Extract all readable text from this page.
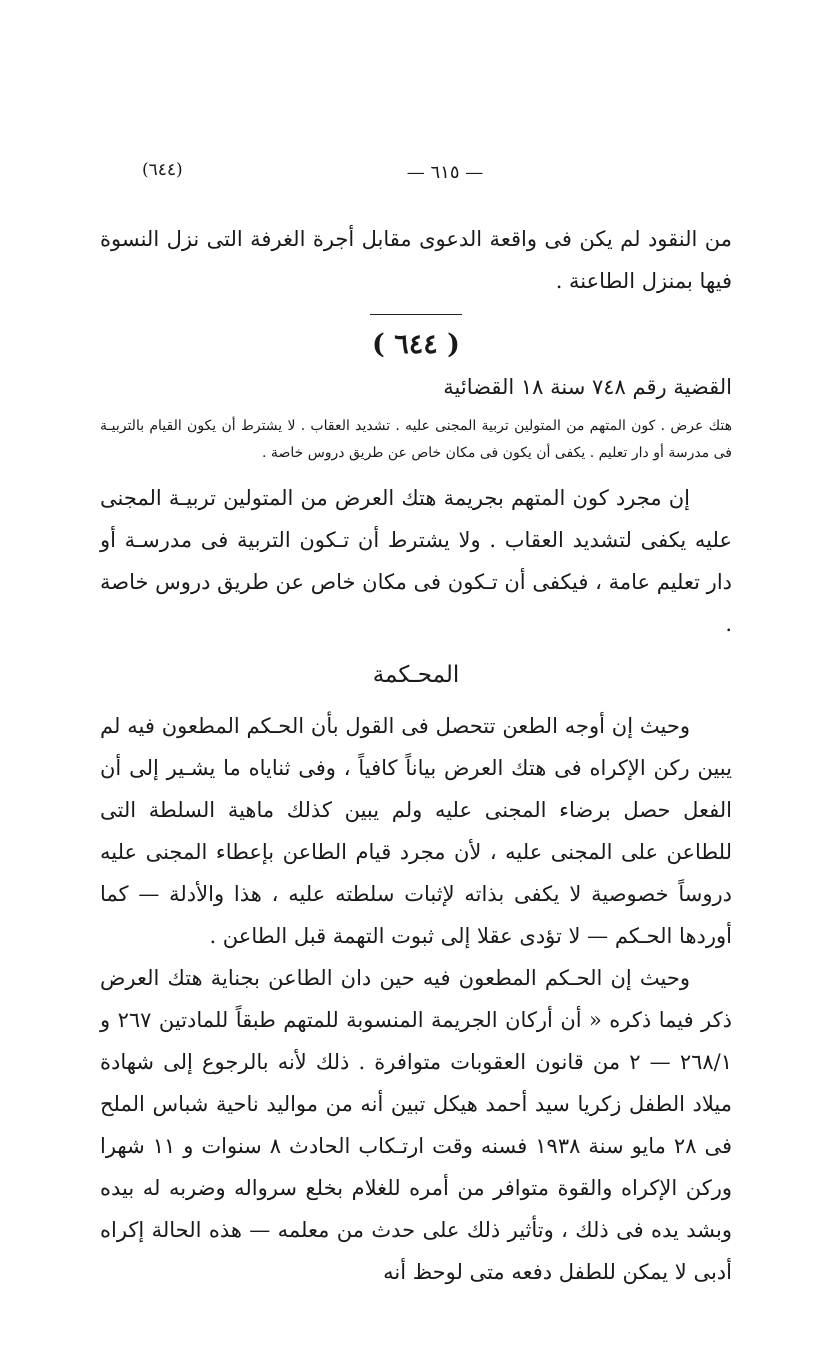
(٦٤٤)	— ٦١٥ —

من النقود لم يكن فى واقعة الدعوى مقابل أجرة الغرفة التى نزل النسوة فيها بمنزل الطاعنة .

( ٦٤٤ )
القضية رقم ٧٤٨ سنة ١٨ القضائية

هتك عرض . كون المتهم من المتولين تربية المجنى عليه . تشديد العقاب . لا يشترط أن يكون القيام بالتربيـة فى مدرسة أو دار تعليم . يكفى أن يكون فى مكان خاص عن طريق دروس خاصة .

إن مجرد كون المتهم بجريمة هتك العرض من المتولين تربيـة المجنى عليه يكفى لتشديد العقاب . ولا يشترط أن تـكون التربية فى مدرسـة أو دار تعليم عامة ، فيكفى أن تـكون فى مكان خاص عن طريق دروس خاصة .

المحـكمة

وحيث إن أوجه الطعن تتحصل فى القول بأن الحـكم المطعون فيه لم يبين ركن الإكراه فى هتك العرض بياناً كافياً ، وفى ثناياه ما يشـير إلى أن الفعل حصل برضاء المجنى عليه ولم يبين كذلك ماهية السلطة التى للطاعن على المجنى عليه ، لأن مجرد قيام الطاعن بإعطاء المجنى عليه دروساً خصوصية لا يكفى بذاته لإثبات سلطته عليه ، هذا والأدلة — كما أوردها الحـكم — لا تؤدى عقلا إلى ثبوت التهمة قبل الطاعن .

وحيث إن الحـكم المطعون فيه حين دان الطاعن بجناية هتك العرض ذكر فيما ذكره « أن أركان الجريمة المنسوبة للمتهم طبقاً للمادتين ٢٦٧ و ٢٦٨/١ — ٢ من قانون العقوبات متوافرة . ذلك لأنه بالرجوع إلى شهادة ميلاد الطفل زكريا سيد أحمد هيكل تبين أنه من مواليد ناحية شباس الملح فى ٢٨ مايو سنة ١٩٣٨ فسنه وقت ارتـكاب الحادث ٨ سنوات و ١١ شهرا وركن الإكراه والقوة متوافر من أمره للغلام بخلع سرواله وضربه له بيده وبشد يده فى ذلك ، وتأثير ذلك على حدث من معلمه — هذه الحالة إكراه أدبى لا يمكن للطفل دفعه متى لوحظ أنه
